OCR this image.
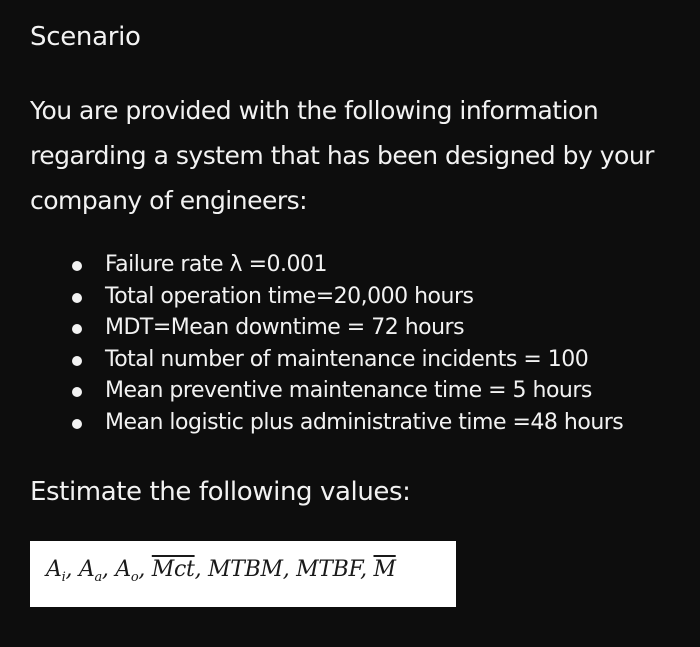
Scenario
You are provided with the following information regarding a system that has been designed by your company of engineers:
Failure rate λ =0.001
Total operation time=20,000 hours
MDT=Mean downtime = 72 hours
Total number of maintenance incidents = 100
Mean preventive maintenance time = 5 hours
Mean logistic plus administrative time =48 hours
Estimate the following values:
$A_i$, $A_a$, $A_o$, $\overline{Mct}$, MTBM, MTBF, $\overline{M}$
